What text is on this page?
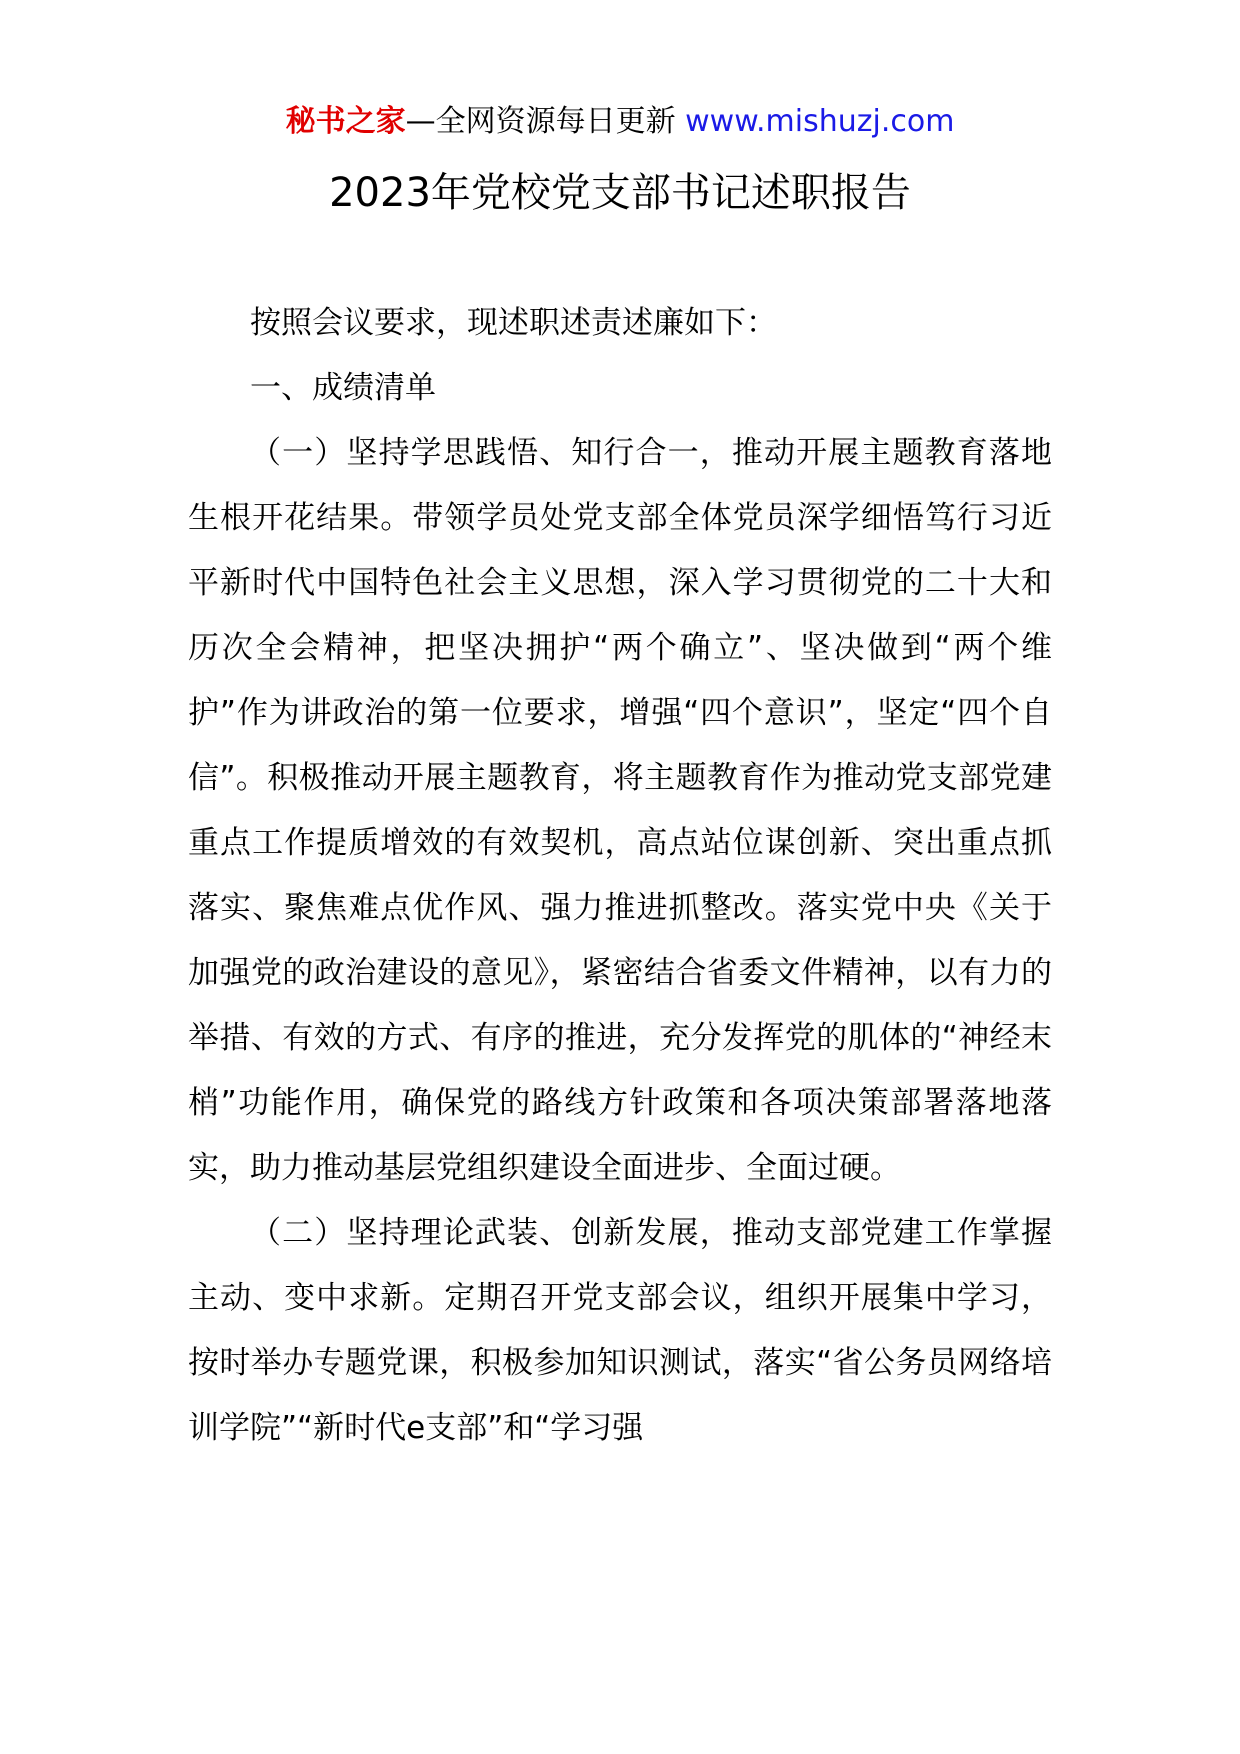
秘书之家—全网资源每日更新 www.mishuzj.com
2023年党校党支部书记述职报告

按照会议要求，现述职述责述廉如下：

一、成绩清单

（一）坚持学思践悟、知行合一，推动开展主题教育落地生根开花结果。带领学员处党支部全体党员深学细悟笃行习近平新时代中国特色社会主义思想，深入学习贯彻党的二十大和历次全会精神，把坚决拥护“两个确立”、坚决做到“两个维护”作为讲政治的第一位要求，增强“四个意识”，坚定“四个自信”。积极推动开展主题教育，将主题教育作为推动党支部党建重点工作提质增效的有效契机，高点站位谋创新、突出重点抓落实、聚焦难点优作风、强力推进抓整改。落实党中央《关于加强党的政治建设的意见》，紧密结合省委文件精神，以有力的举措、有效的方式、有序的推进，充分发挥党的肌体的“神经末梢”功能作用，确保党的路线方针政策和各项决策部署落地落实，助力推动基层党组织建设全面进步、全面过硬。

（二）坚持理论武装、创新发展，推动支部党建工作掌握主动、变中求新。定期召开党支部会议，组织开展集中学习，按时举办专题党课，积极参加知识测试，落实“省公务员网络培训学院”“新时代e支部”和“学习强
